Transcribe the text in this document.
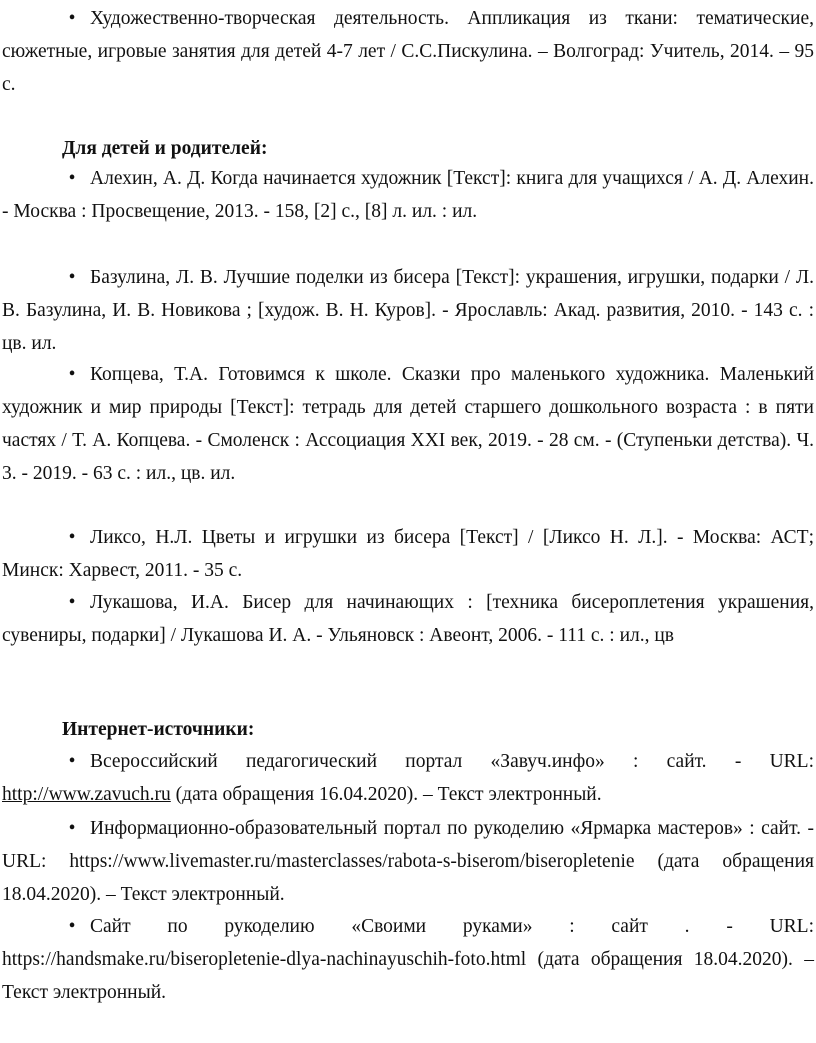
• Художественно-творческая деятельность. Аппликация из ткани: тематические, сюжетные, игровые занятия для детей 4-7 лет / С.С.Пискулина. – Волгоград: Учитель, 2014. – 95 с.

Для детей и родителей:

• Алехин, А. Д. Когда начинается художник [Текст]: книга для учащихся / А. Д. Алехин. - Москва : Просвещение, 2013. - 158, [2] с., [8] л. ил. : ил.

• Базулина, Л. В. Лучшие поделки из бисера [Текст]: украшения, игрушки, подарки / Л. В. Базулина, И. В. Новикова ; [худож. В. Н. Куров]. - Ярославль: Акад. развития, 2010. - 143 с. : цв. ил.

• Копцева, Т.А. Готовимся к школе. Сказки про маленького художника. Маленький художник и мир природы [Текст]: тетрадь для детей старшего дошкольного возраста : в пяти частях / Т. А. Копцева. - Смоленск : Ассоциация XXI век, 2019. - 28 см. - (Ступеньки детства). Ч. 3. - 2019. - 63 с. : ил., цв. ил.

• Ликсо, Н.Л. Цветы и игрушки из бисера [Текст] / [Ликсо Н. Л.]. - Москва: АСТ; Минск: Харвест, 2011. - 35 с.

• Лукашова, И.А. Бисер для начинающих : [техника бисероплетения украшения, сувениры, подарки] / Лукашова И. А. - Ульяновск : Авеонт, 2006. - 111 с. : ил., цв

Интернет-источники:

• Всероссийский педагогический портал «Завуч.инфо» : сайт. - URL: http://www.zavuch.ru (дата обращения 16.04.2020). – Текст электронный.

• Информационно-образовательный портал по рукоделию «Ярмарка мастеров» : сайт. - URL: https://www.livemaster.ru/masterclasses/rabota-s-biserom/biseropletenie (дата обращения 18.04.2020). – Текст электронный.

• Сайт по рукоделию «Своими руками» : сайт . - URL: https://handsmake.ru/biseropletenie-dlya-nachinayuschih-foto.html (дата обращения 18.04.2020). – Текст электронный.
